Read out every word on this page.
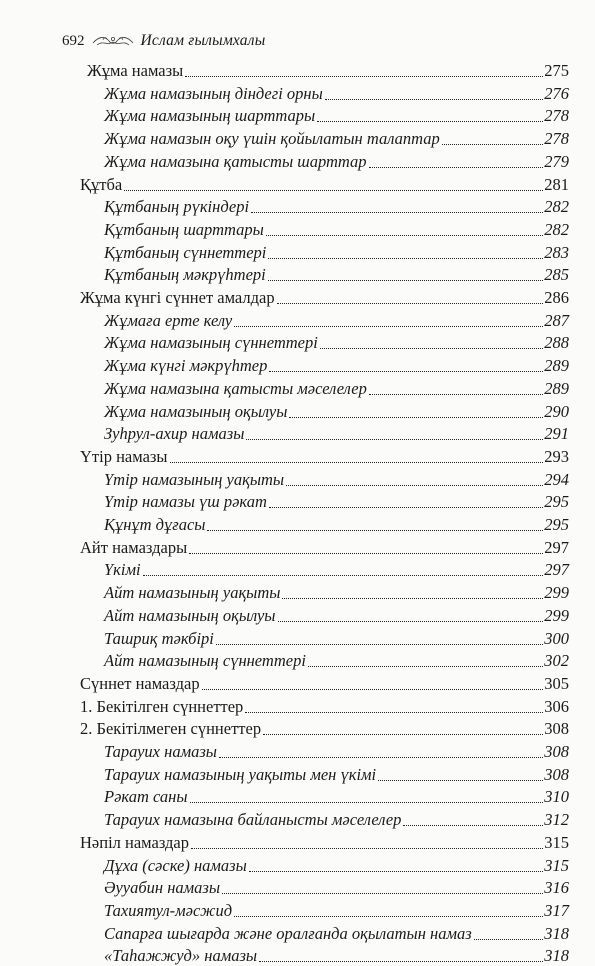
692	Ислам ғылымхалы
Жұма намазы	275
Жұма намазының діндегі орны	276
Жұма намазының шарттары	278
Жұма намазын оқу үшін қойылатын талаптар	278
Жұма намазына қатысты шарттар	279
Құтба	281
Құтбаның рүкіндері	282
Құтбаның шарттары	282
Құтбаның сүннеттері	283
Құтбаның мәкрүһтері	285
Жұма күнгі сүннет амалдар	286
Жұмаға ерте келу	287
Жұма намазының сүннеттері	288
Жұма күнгі мәкрүһтер	289
Жұма намазына қатысты мәселелер	289
Жұма намазының оқылуы	290
Зуһрул-ахир намазы	291
Үтір намазы	293
Үтір намазының уақыты	294
Үтір намазы үш рәкат	295
Құнұт дұғасы	295
Айт намаздары	297
Үкімі	297
Айт намазының уақыты	299
Айт намазының оқылуы	299
Ташриқ тәкбірі	300
Айт намазының сүннеттері	302
Сүннет намаздар	305
1. Бекітілген сүннеттер	306
2. Бекітілмеген сүннеттер	308
Тарауих намазы	308
Тарауих намазының уақыты мен үкімі	308
Рәкат саны	310
Тарауих намазына байланысты мәселелер	312
Нәпіл намаздар	315
Дұха (сәске) намазы	315
Әууабин намазы	316
Тахиятул-мәсжид	317
Сапарға шығарда және оралғанда оқылатын намаз	318
«Таһажжуд» намазы	318
